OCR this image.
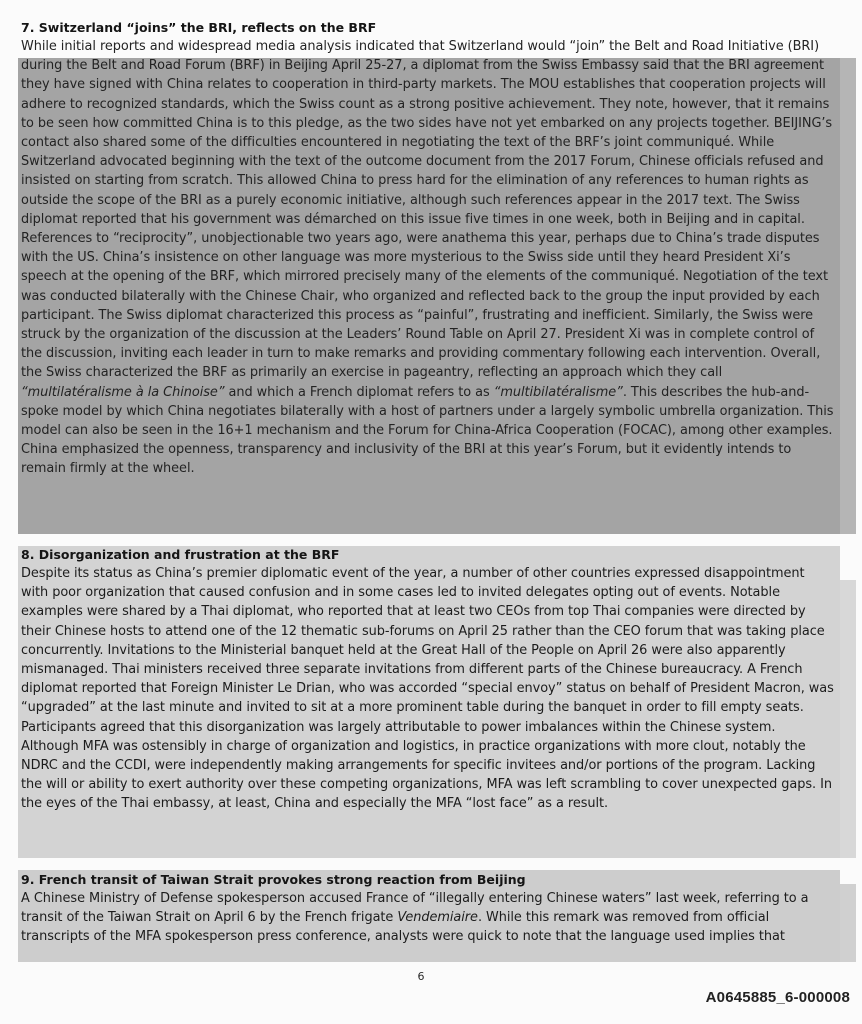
7. Switzerland “joins” the BRI, reflects on the BRF

While initial reports and widespread media analysis indicated that Switzerland would “join” the Belt and Road Initiative (BRI) during the Belt and Road Forum (BRF) in Beijing April 25-27, a diplomat from the Swiss Embassy said that the BRI agreement they have signed with China relates to cooperation in third-party markets. The MOU establishes that cooperation projects will adhere to recognized standards, which the Swiss count as a strong positive achievement. They note, however, that it remains to be seen how committed China is to this pledge, as the two sides have not yet embarked on any projects together. BEIJING’s contact also shared some of the difficulties encountered in negotiating the text of the BRF’s joint communiqué. While Switzerland advocated beginning with the text of the outcome document from the 2017 Forum, Chinese officials refused and insisted on starting from scratch. This allowed China to press hard for the elimination of any references to human rights as outside the scope of the BRI as a purely economic initiative, although such references appear in the 2017 text. The Swiss diplomat reported that his government was démarched on this issue five times in one week, both in Beijing and in capital. References to “reciprocity”, unobjectionable two years ago, were anathema this year, perhaps due to China’s trade disputes with the US. China’s insistence on other language was more mysterious to the Swiss side until they heard President Xi’s speech at the opening of the BRF, which mirrored precisely many of the elements of the communiqué. Negotiation of the text was conducted bilaterally with the Chinese Chair, who organized and reflected back to the group the input provided by each participant. The Swiss diplomat characterized this process as “painful”, frustrating and inefficient. Similarly, the Swiss were struck by the organization of the discussion at the Leaders’ Round Table on April 27. President Xi was in complete control of the discussion, inviting each leader in turn to make remarks and providing commentary following each intervention. Overall, the Swiss characterized the BRF as primarily an exercise in pageantry, reflecting an approach which they call “multilatéralisme à la Chinoise” and which a French diplomat refers to as “multibilatéralisme”. This describes the hub-and-spoke model by which China negotiates bilaterally with a host of partners under a largely symbolic umbrella organization. This model can also be seen in the 16+1 mechanism and the Forum for China-Africa Cooperation (FOCAC), among other examples. China emphasized the openness, transparency and inclusivity of the BRI at this year’s Forum, but it evidently intends to remain firmly at the wheel.

8. Disorganization and frustration at the BRF

Despite its status as China’s premier diplomatic event of the year, a number of other countries expressed disappointment with poor organization that caused confusion and in some cases led to invited delegates opting out of events. Notable examples were shared by a Thai diplomat, who reported that at least two CEOs from top Thai companies were directed by their Chinese hosts to attend one of the 12 thematic sub-forums on April 25 rather than the CEO forum that was taking place concurrently. Invitations to the Ministerial banquet held at the Great Hall of the People on April 26 were also apparently mismanaged. Thai ministers received three separate invitations from different parts of the Chinese bureaucracy. A French diplomat reported that Foreign Minister Le Drian, who was accorded “special envoy” status on behalf of President Macron, was “upgraded” at the last minute and invited to sit at a more prominent table during the banquet in order to fill empty seats. Participants agreed that this disorganization was largely attributable to power imbalances within the Chinese system. Although MFA was ostensibly in charge of organization and logistics, in practice organizations with more clout, notably the NDRC and the CCDI, were independently making arrangements for specific invitees and/or portions of the program. Lacking the will or ability to exert authority over these competing organizations, MFA was left scrambling to cover unexpected gaps. In the eyes of the Thai embassy, at least, China and especially the MFA “lost face” as a result.

9. French transit of Taiwan Strait provokes strong reaction from Beijing

A Chinese Ministry of Defense spokesperson accused France of “illegally entering Chinese waters” last week, referring to a transit of the Taiwan Strait on April 6 by the French frigate Vendemiaire. While this remark was removed from official transcripts of the MFA spokesperson press conference, analysts were quick to note that the language used implies that

6
A0645885_6-000008
